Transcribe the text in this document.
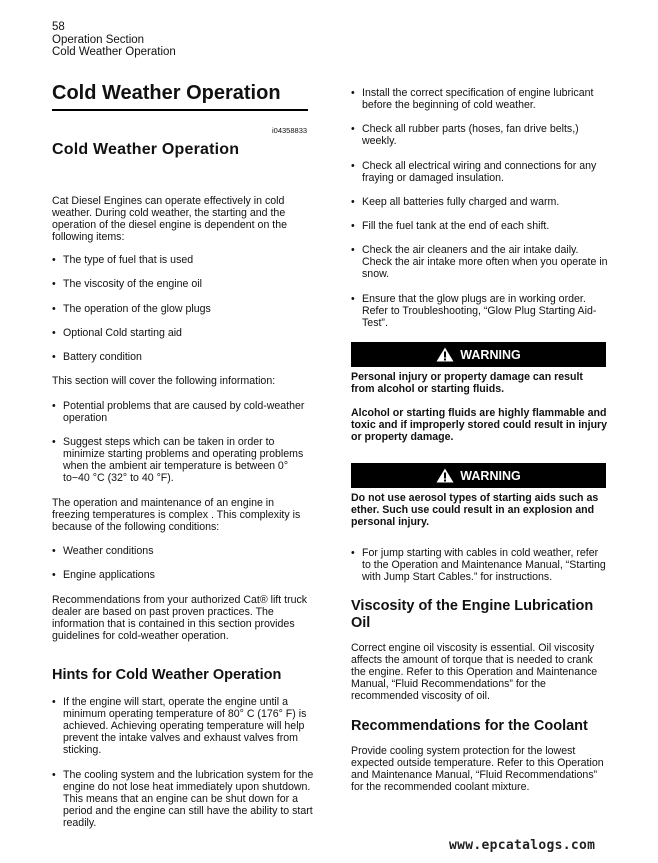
58
Operation Section
Cold Weather Operation
Cold Weather Operation
i04358833
Cold Weather Operation

Cat Diesel Engines can operate effectively in cold weather. During cold weather, the starting and the operation of the diesel engine is dependent on the following items:

• The type of fuel that is used
• The viscosity of the engine oil
• The operation of the glow plugs
• Optional Cold starting aid
• Battery condition

This section will cover the following information:

• Potential problems that are caused by cold-weather operation
• Suggest steps which can be taken in order to minimize starting problems and operating problems when the ambient air temperature is between 0° to−40 °C (32° to 40 °F).

The operation and maintenance of an engine in freezing temperatures is complex . This complexity is because of the following conditions:

• Weather conditions
• Engine applications

Recommendations from your authorized Cat® lift truck dealer are based on past proven practices. The information that is contained in this section provides guidelines for cold-weather operation.

Hints for Cold Weather Operation
• If the engine will start, operate the engine until a minimum operating temperature of 80° C (176° F) is achieved. Achieving operating temperature will help prevent the intake valves and exhaust valves from sticking.
• The cooling system and the lubrication system for the engine do not lose heat immediately upon shutdown. This means that an engine can be shut down for a period and the engine can still have the ability to start readily.
• Install the correct specification of engine lubricant before the beginning of cold weather.
• Check all rubber parts (hoses, fan drive belts,) weekly.
• Check all electrical wiring and connections for any fraying or damaged insulation.
• Keep all batteries fully charged and warm.
• Fill the fuel tank at the end of each shift.
• Check the air cleaners and the air intake daily. Check the air intake more often when you operate in snow.
• Ensure that the glow plugs are in working order. Refer to Troubleshooting, “Glow Plug Starting Aid-Test”.
WARNING

Personal injury or property damage can result from alcohol or starting fluids.

Alcohol or starting fluids are highly flammable and toxic and if improperly stored could result in injury or property damage.

WARNING

Do not use aerosol types of starting aids such as ether. Such use could result in an explosion and personal injury.

• For jump starting with cables in cold weather, refer to the Operation and Maintenance Manual, “Starting with Jump Start Cables.” for instructions.
Viscosity of the Engine Lubrication Oil

Correct engine oil viscosity is essential. Oil viscosity affects the amount of torque that is needed to crank the engine. Refer to this Operation and Maintenance Manual, “Fluid Recommendations” for the recommended viscosity of oil.

Recommendations for the Coolant

Provide cooling system protection for the lowest expected outside temperature. Refer to this Operation and Maintenance Manual, “Fluid Recommendations” for the recommended coolant mixture.

www.epcatalogs.com
